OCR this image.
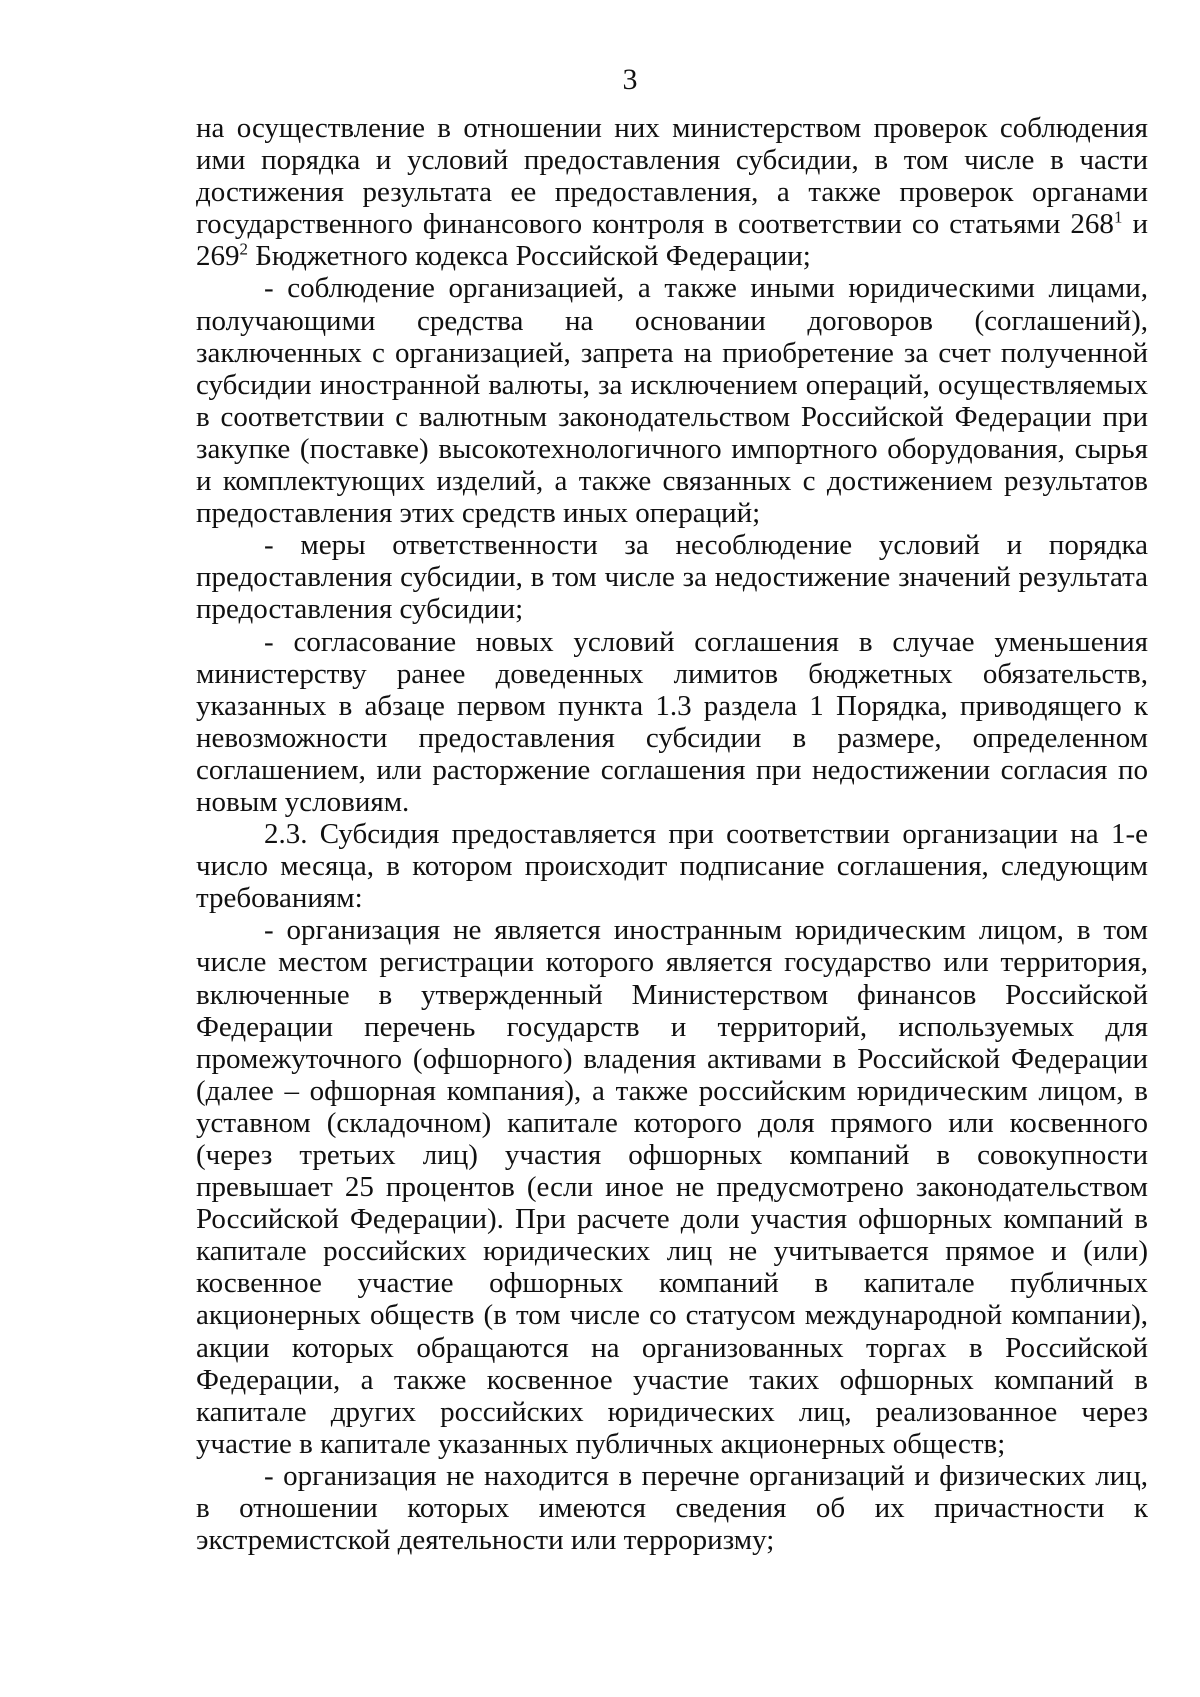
3

на осуществление в отношении них министерством проверок соблюдения ими порядка и условий предоставления субсидии, в том числе в части достижения результата ее предоставления, а также проверок органами государственного финансового контроля в соответствии со статьями $268^1$ и $269^2$ Бюджетного кодекса Российской Федерации;

- соблюдение организацией, а также иными юридическими лицами, получающими средства на основании договоров (соглашений), заключенных с организацией, запрета на приобретение за счет полученной субсидии иностранной валюты, за исключением операций, осуществляемых в соответствии с валютным законодательством Российской Федерации при закупке (поставке) высокотехнологичного импортного оборудования, сырья и комплектующих изделий, а также связанных с достижением результатов предоставления этих средств иных операций;

- меры ответственности за несоблюдение условий и порядка предоставления субсидии, в том числе за недостижение значений результата предоставления субсидии;

- согласование новых условий соглашения в случае уменьшения министерству ранее доведенных лимитов бюджетных обязательств, указанных в абзаце первом пункта 1.3 раздела 1 Порядка, приводящего к невозможности предоставления субсидии в размере, определенном соглашением, или расторжение соглашения при недостижении согласия по новым условиям.

2.3. Субсидия предоставляется при соответствии организации на 1-е число месяца, в котором происходит подписание соглашения, следующим требованиям:

- организация не является иностранным юридическим лицом, в том числе местом регистрации которого является государство или территория, включенные в утвержденный Министерством финансов Российской Федерации перечень государств и территорий, используемых для промежуточного (офшорного) владения активами в Российской Федерации (далее – офшорная компания), а также российским юридическим лицом, в уставном (складочном) капитале которого доля прямого или косвенного (через третьих лиц) участия офшорных компаний в совокупности превышает 25 процентов (если иное не предусмотрено законодательством Российской Федерации). При расчете доли участия офшорных компаний в капитале российских юридических лиц не учитывается прямое и (или) косвенное участие офшорных компаний в капитале публичных акционерных обществ (в том числе со статусом международной компании), акции которых обращаются на организованных торгах в Российской Федерации, а также косвенное участие таких офшорных компаний в капитале других российских юридических лиц, реализованное через участие в капитале указанных публичных акционерных обществ;

- организация не находится в перечне организаций и физических лиц, в отношении которых имеются сведения об их причастности к экстремистской деятельности или терроризму;
